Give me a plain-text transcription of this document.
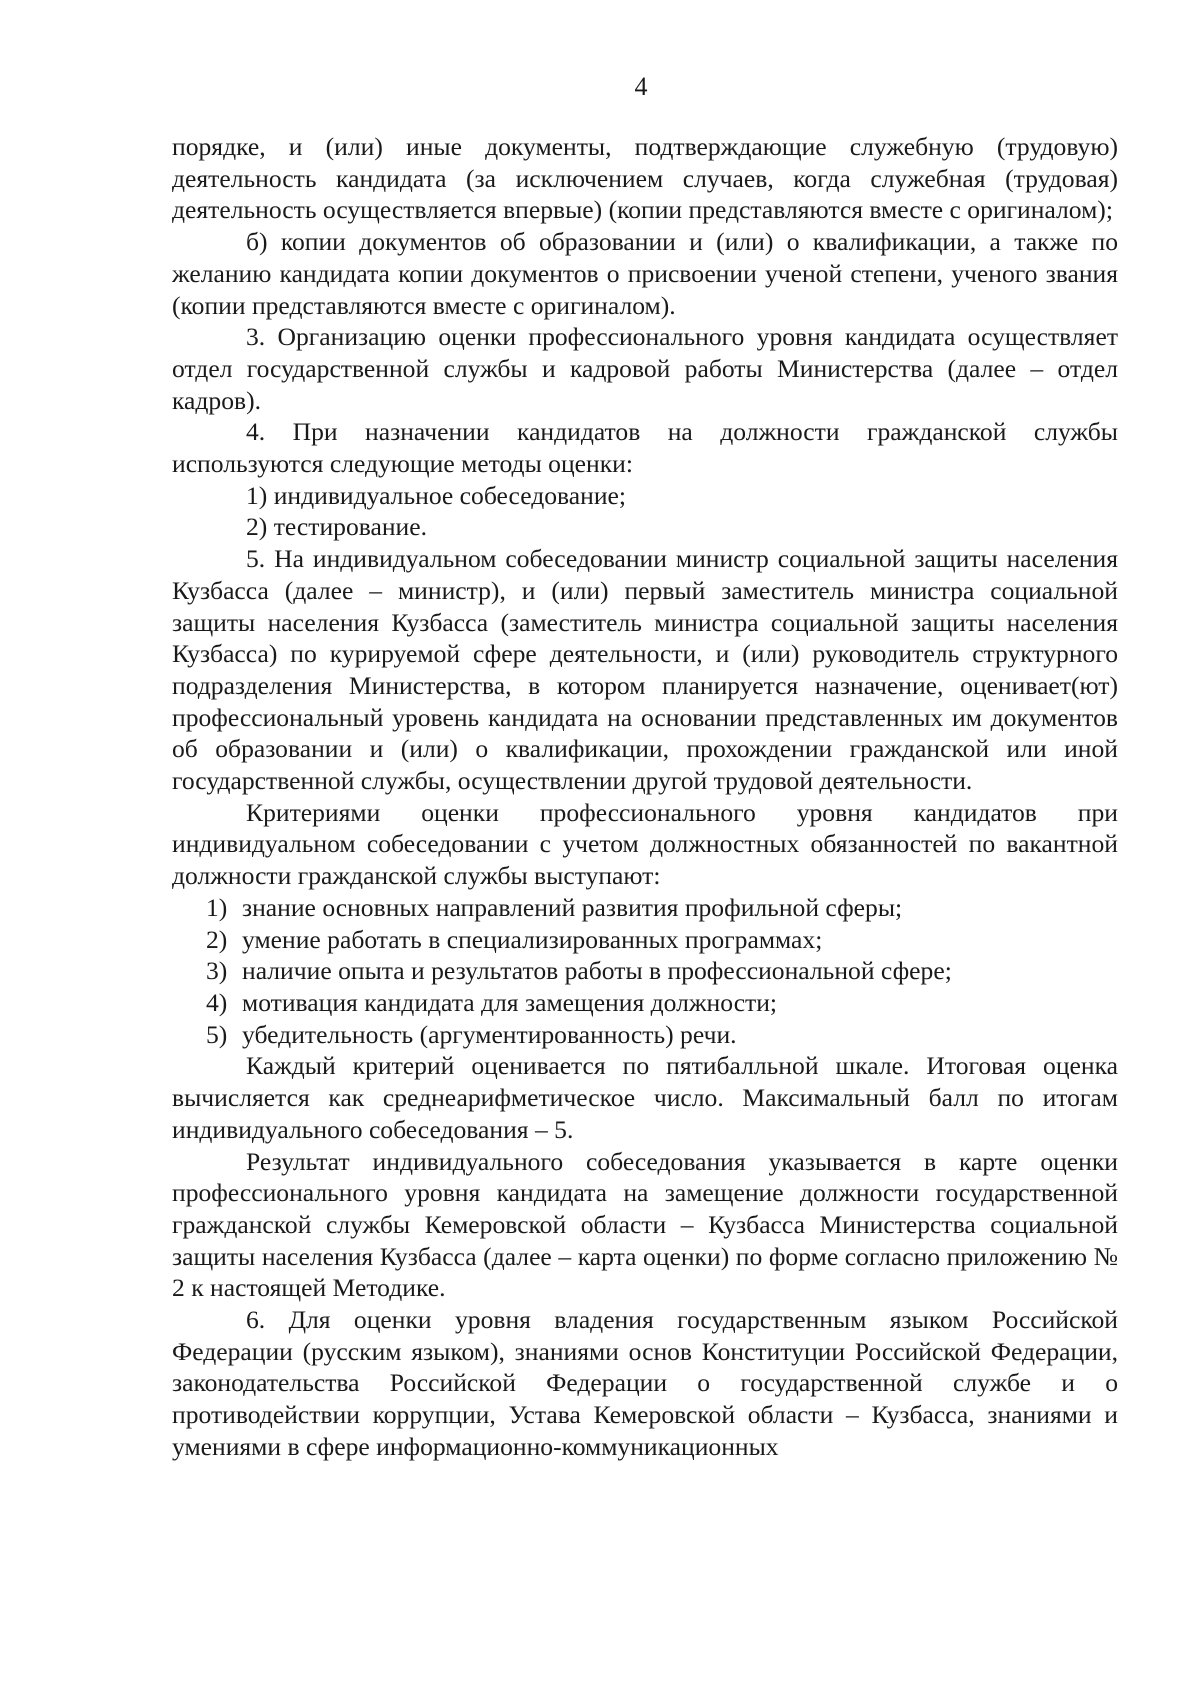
4

порядке, и (или) иные документы, подтверждающие служебную (трудовую) деятельность кандидата (за исключением случаев, когда служебная (трудовая) деятельность осуществляется впервые) (копии представляются вместе с оригиналом);

б) копии документов об образовании и (или) о квалификации, а также по желанию кандидата копии документов о присвоении ученой степени, ученого звания (копии представляются вместе с оригиналом).

3. Организацию оценки профессионального уровня кандидата осуществляет отдел государственной службы и кадровой работы Министерства (далее – отдел кадров).

4. При назначении кандидатов на должности гражданской службы используются следующие методы оценки:

1) индивидуальное собеседование;

2) тестирование.

5. На индивидуальном собеседовании министр социальной защиты населения Кузбасса (далее – министр), и (или) первый заместитель министра социальной защиты населения Кузбасса (заместитель министра социальной защиты населения Кузбасса) по курируемой сфере деятельности, и (или) руководитель структурного подразделения Министерства, в котором планируется назначение, оценивает(ют) профессиональный уровень кандидата на основании представленных им документов об образовании и (или) о квалификации, прохождении гражданской или иной государственной службы, осуществлении другой трудовой деятельности.

Критериями оценки профессионального уровня кандидатов при индивидуальном собеседовании с учетом должностных обязанностей по вакантной должности гражданской службы выступают:

1) знание основных направлений развития профильной сферы;

2) умение работать в специализированных программах;

3) наличие опыта и результатов работы в профессиональной сфере;

4) мотивация кандидата для замещения должности;

5) убедительность (аргументированность) речи.

Каждый критерий оценивается по пятибалльной шкале. Итоговая оценка вычисляется как среднеарифметическое число. Максимальный балл по итогам индивидуального собеседования – 5.

Результат индивидуального собеседования указывается в карте оценки профессионального уровня кандидата на замещение должности государственной гражданской службы Кемеровской области – Кузбасса Министерства социальной защиты населения Кузбасса (далее – карта оценки) по форме согласно приложению № 2 к настоящей Методике.

6. Для оценки уровня владения государственным языком Российской Федерации (русским языком), знаниями основ Конституции Российской Федерации, законодательства Российской Федерации о государственной службе и о противодействии коррупции, Устава Кемеровской области – Кузбасса, знаниями и умениями в сфере информационно-коммуникационных
